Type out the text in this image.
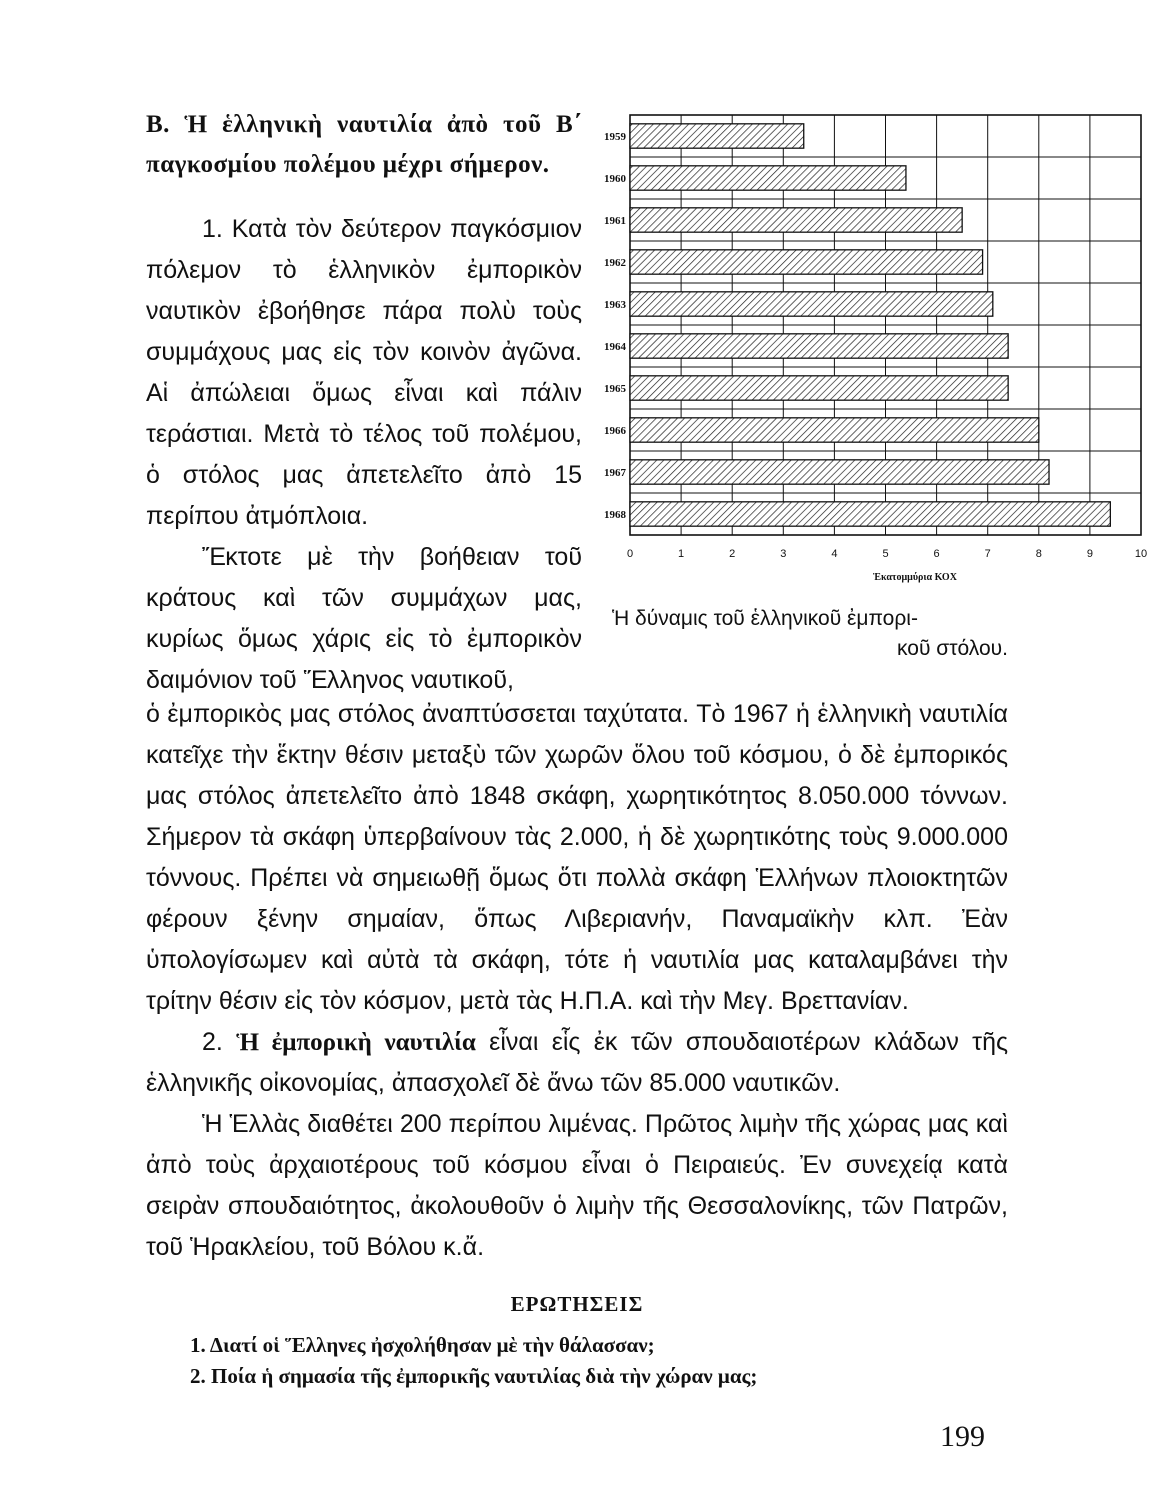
Β. Ἡ ἑλληνικὴ ναυτιλία ἀπὸ τοῦ Β΄ παγκοσμίου πολέμου μέχρι σήμερον.

1. Κατὰ τὸν δεύτερον παγκόσμιον πόλεμον τὸ ἑλληνικὸν ἐμπορικὸν ναυτικὸν ἐβοήθησε πάρα πολὺ τοὺς συμμάχους μας εἰς τὸν κοινὸν ἀγῶνα. Αἱ ἀπώλειαι ὅμως εἶναι καὶ πάλιν τεράστιαι. Μετὰ τὸ τέλος τοῦ πολέμου, ὁ στόλος μας ἀπετελεῖτο ἀπὸ 15 περίπου ἀτμόπλοια.

Ἔκτοτε μὲ τὴν βοήθειαν τοῦ κράτους καὶ τῶν συμμάχων μας, κυρίως ὅμως χάρις εἰς τὸ ἐμπορικὸν δαιμόνιον τοῦ Ἕλληνος ναυτικοῦ,

1959
1960
1961
1962
1963
1964
1965
1966
1967
1968
0	1	2	3	4	5	6	7	8	9	10
Ἑκατομμύρια ΚΟΧ
Ἡ δύναμις τοῦ ἑλληνικοῦ ἐμπορι-
κοῦ στόλου.

ὁ ἐμπορικὸς μας στόλος ἀναπτύσσεται ταχύτατα. Τὸ 1967 ἡ ἑλληνικὴ ναυτιλία κατεῖχε τὴν ἕκτην θέσιν μεταξὺ τῶν χωρῶν ὅλου τοῦ κόσμου, ὁ δὲ ἐμπορικός μας στόλος ἀπετελεῖτο ἀπὸ 1848 σκάφη, χωρητικότητος 8.050.000 τόννων. Σήμερον τὰ σκάφη ὑπερβαίνουν τὰς 2.000, ἡ δὲ χωρητικότης τοὺς 9.000.000 τόννους. Πρέπει νὰ σημειωθῇ ὅμως ὅτι πολλὰ σκάφη Ἑλλήνων πλοιοκτητῶν φέρουν ξένην σημαίαν, ὅπως Λιβεριανήν, Παναμαϊκὴν κλπ. Ἐὰν ὑπολογίσωμεν καὶ αὐτὰ τὰ σκάφη, τότε ἡ ναυτιλία μας καταλαμβάνει τὴν τρίτην θέσιν εἰς τὸν κόσμον, μετὰ τὰς Η.Π.Α. καὶ τὴν Μεγ. Βρεττανίαν.

2. Ἡ ἐμπορικὴ ναυτιλία εἶναι εἷς ἐκ τῶν σπουδαιοτέρων κλάδων τῆς ἑλληνικῆς οἰκονομίας, ἀπασχολεῖ δὲ ἄνω τῶν 85.000 ναυτικῶν.

Ἡ Ἑλλὰς διαθέτει 200 περίπου λιμένας. Πρῶτος λιμὴν τῆς χώρας μας καὶ ἀπὸ τοὺς ἀρχαιοτέρους τοῦ κόσμου εἶναι ὁ Πειραιεύς. Ἐν συνεχείᾳ κατὰ σειρὰν σπουδαιότητος, ἀκολουθοῦν ὁ λιμὴν τῆς Θεσσαλονίκης, τῶν Πατρῶν, τοῦ Ἡρακλείου, τοῦ Βόλου κ.ἄ.

ΕΡΩΤΗΣΕΙΣ
1. Διατί οἱ Ἕλληνες ἠσχολήθησαν μὲ τὴν θάλασσαν;
2. Ποία ἡ σημασία τῆς ἐμπορικῆς ναυτιλίας διὰ τὴν χώραν μας;
199
